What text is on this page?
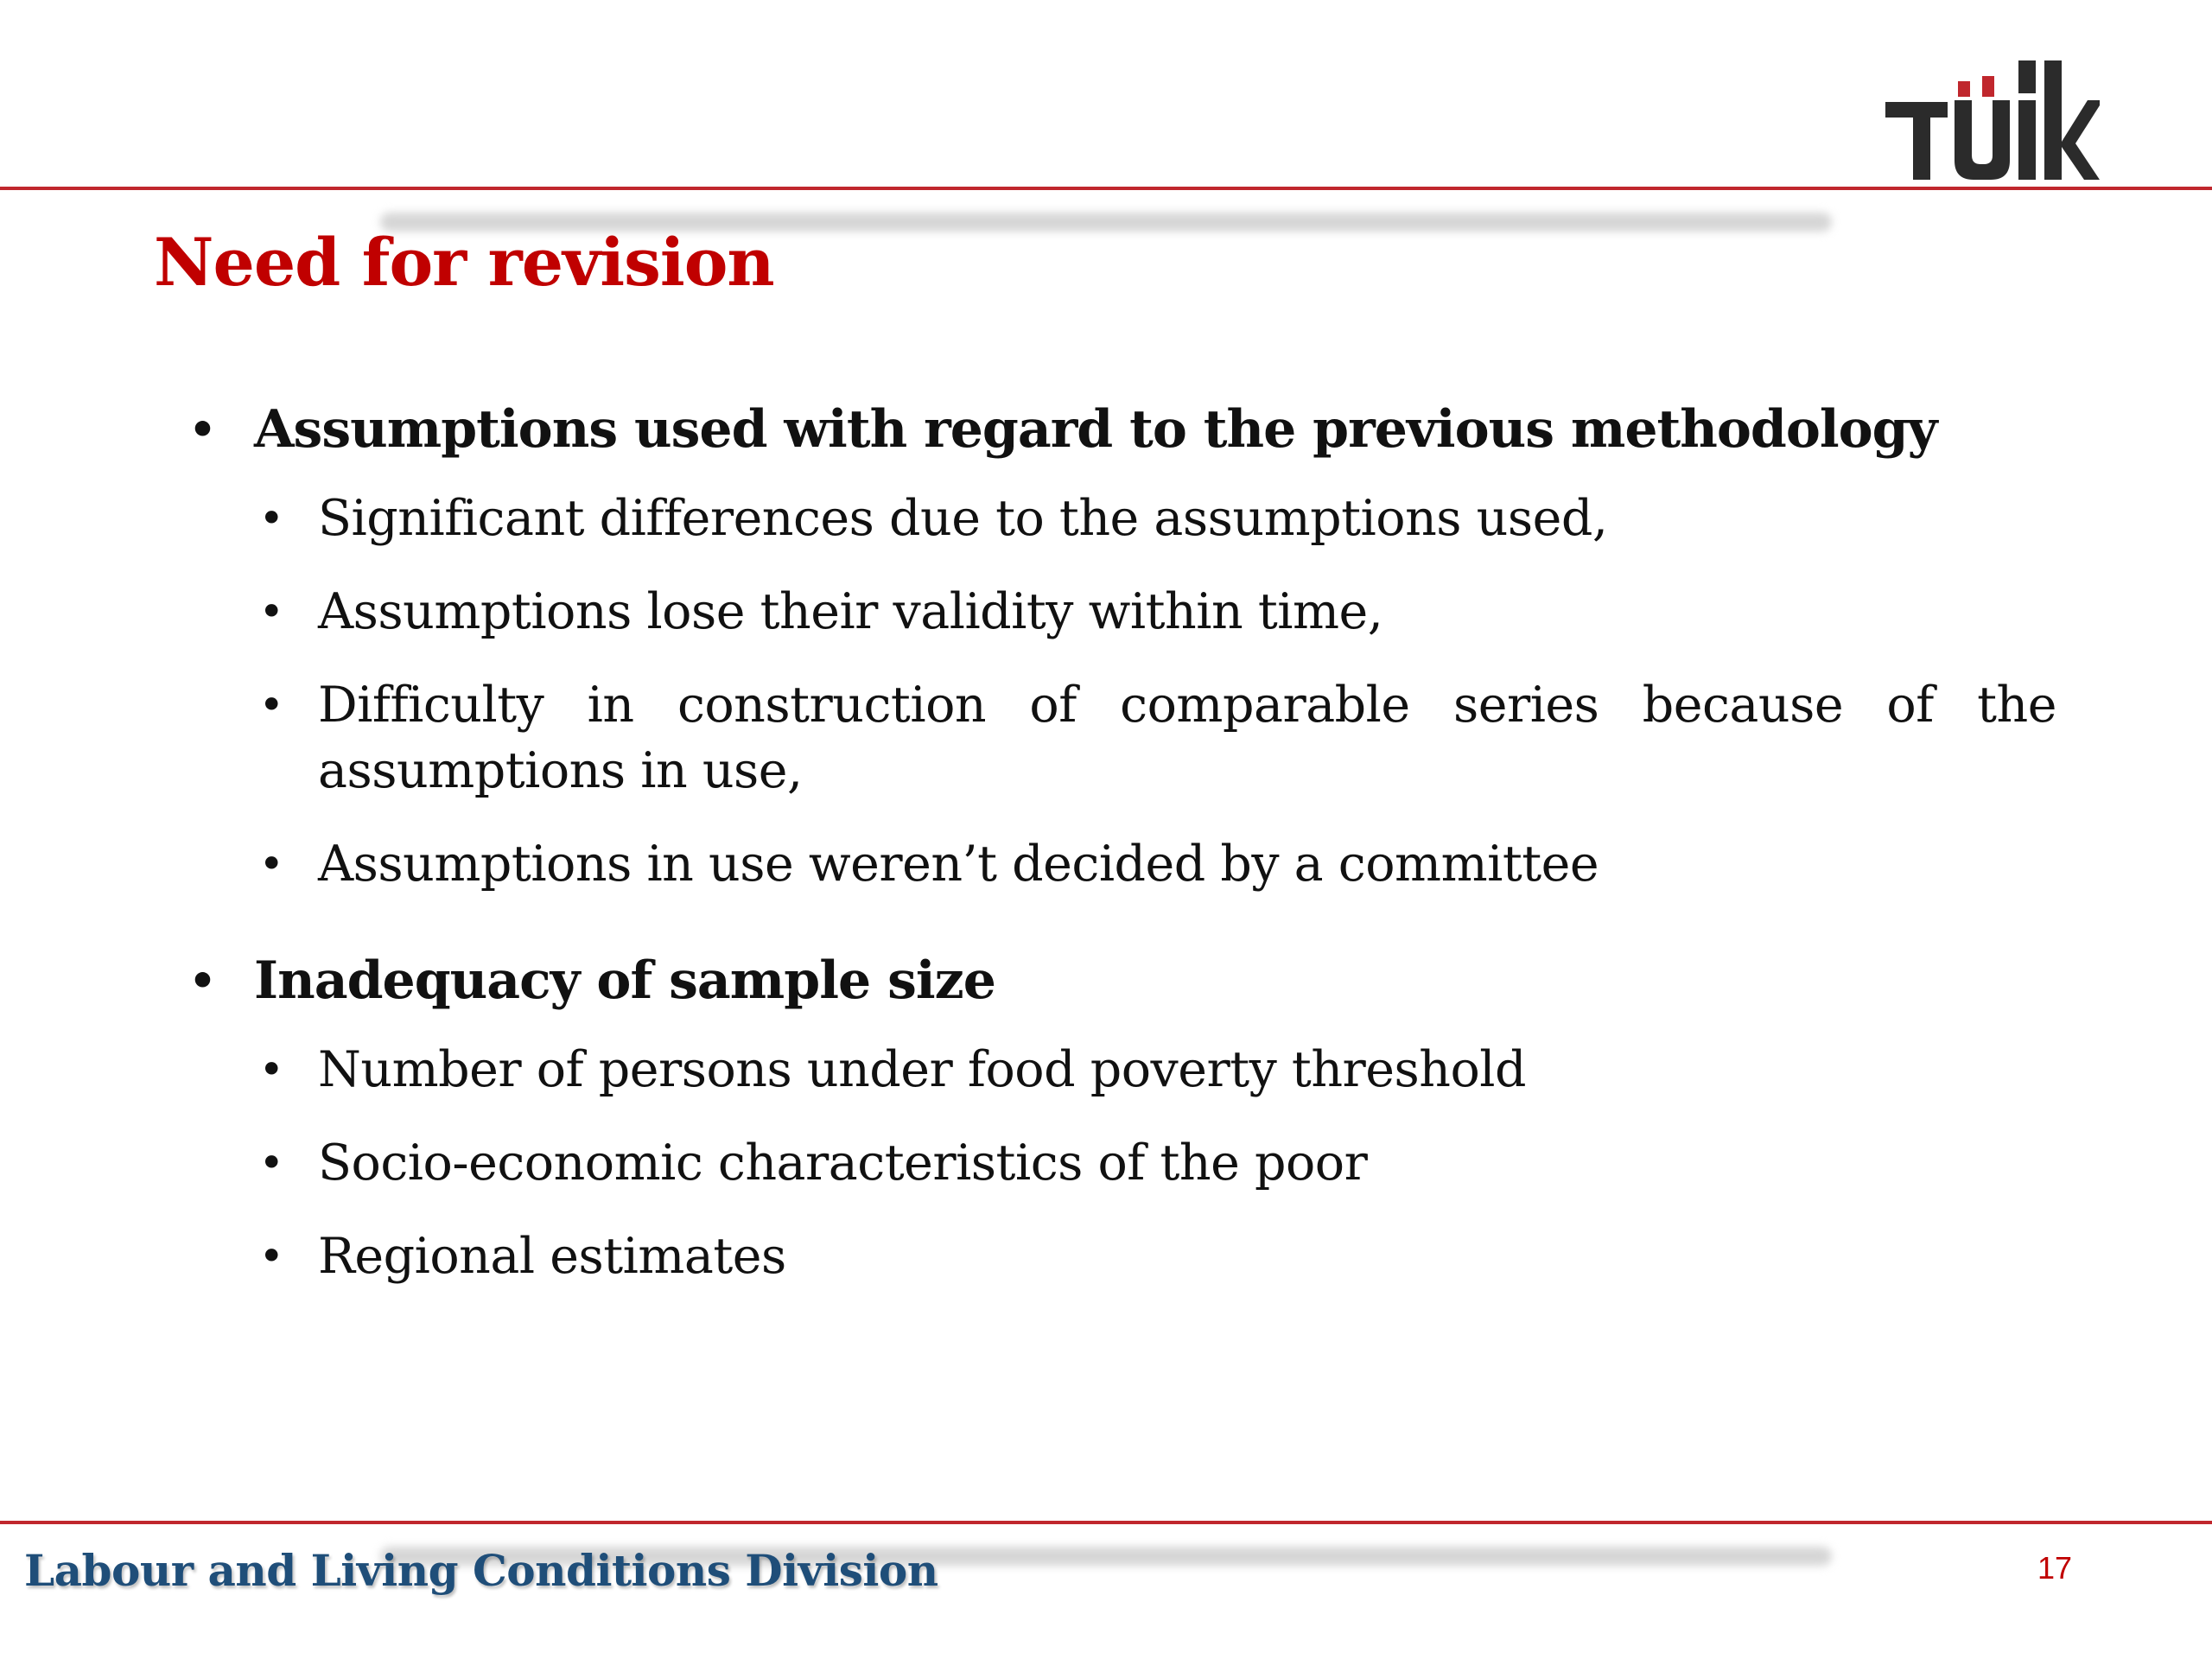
Need for revision
• Assumptions used with regard to the previous methodology
• Significant differences due to the assumptions used,
• Assumptions lose their validity within time,
• Difficulty in construction of comparable series because of the assumptions in use,
• Assumptions in use weren’t decided by a committee
• Inadequacy of sample size
• Number of persons under food poverty threshold
• Socio-economic characteristics of the poor
• Regional estimates
Labour and Living Conditions Division	17
